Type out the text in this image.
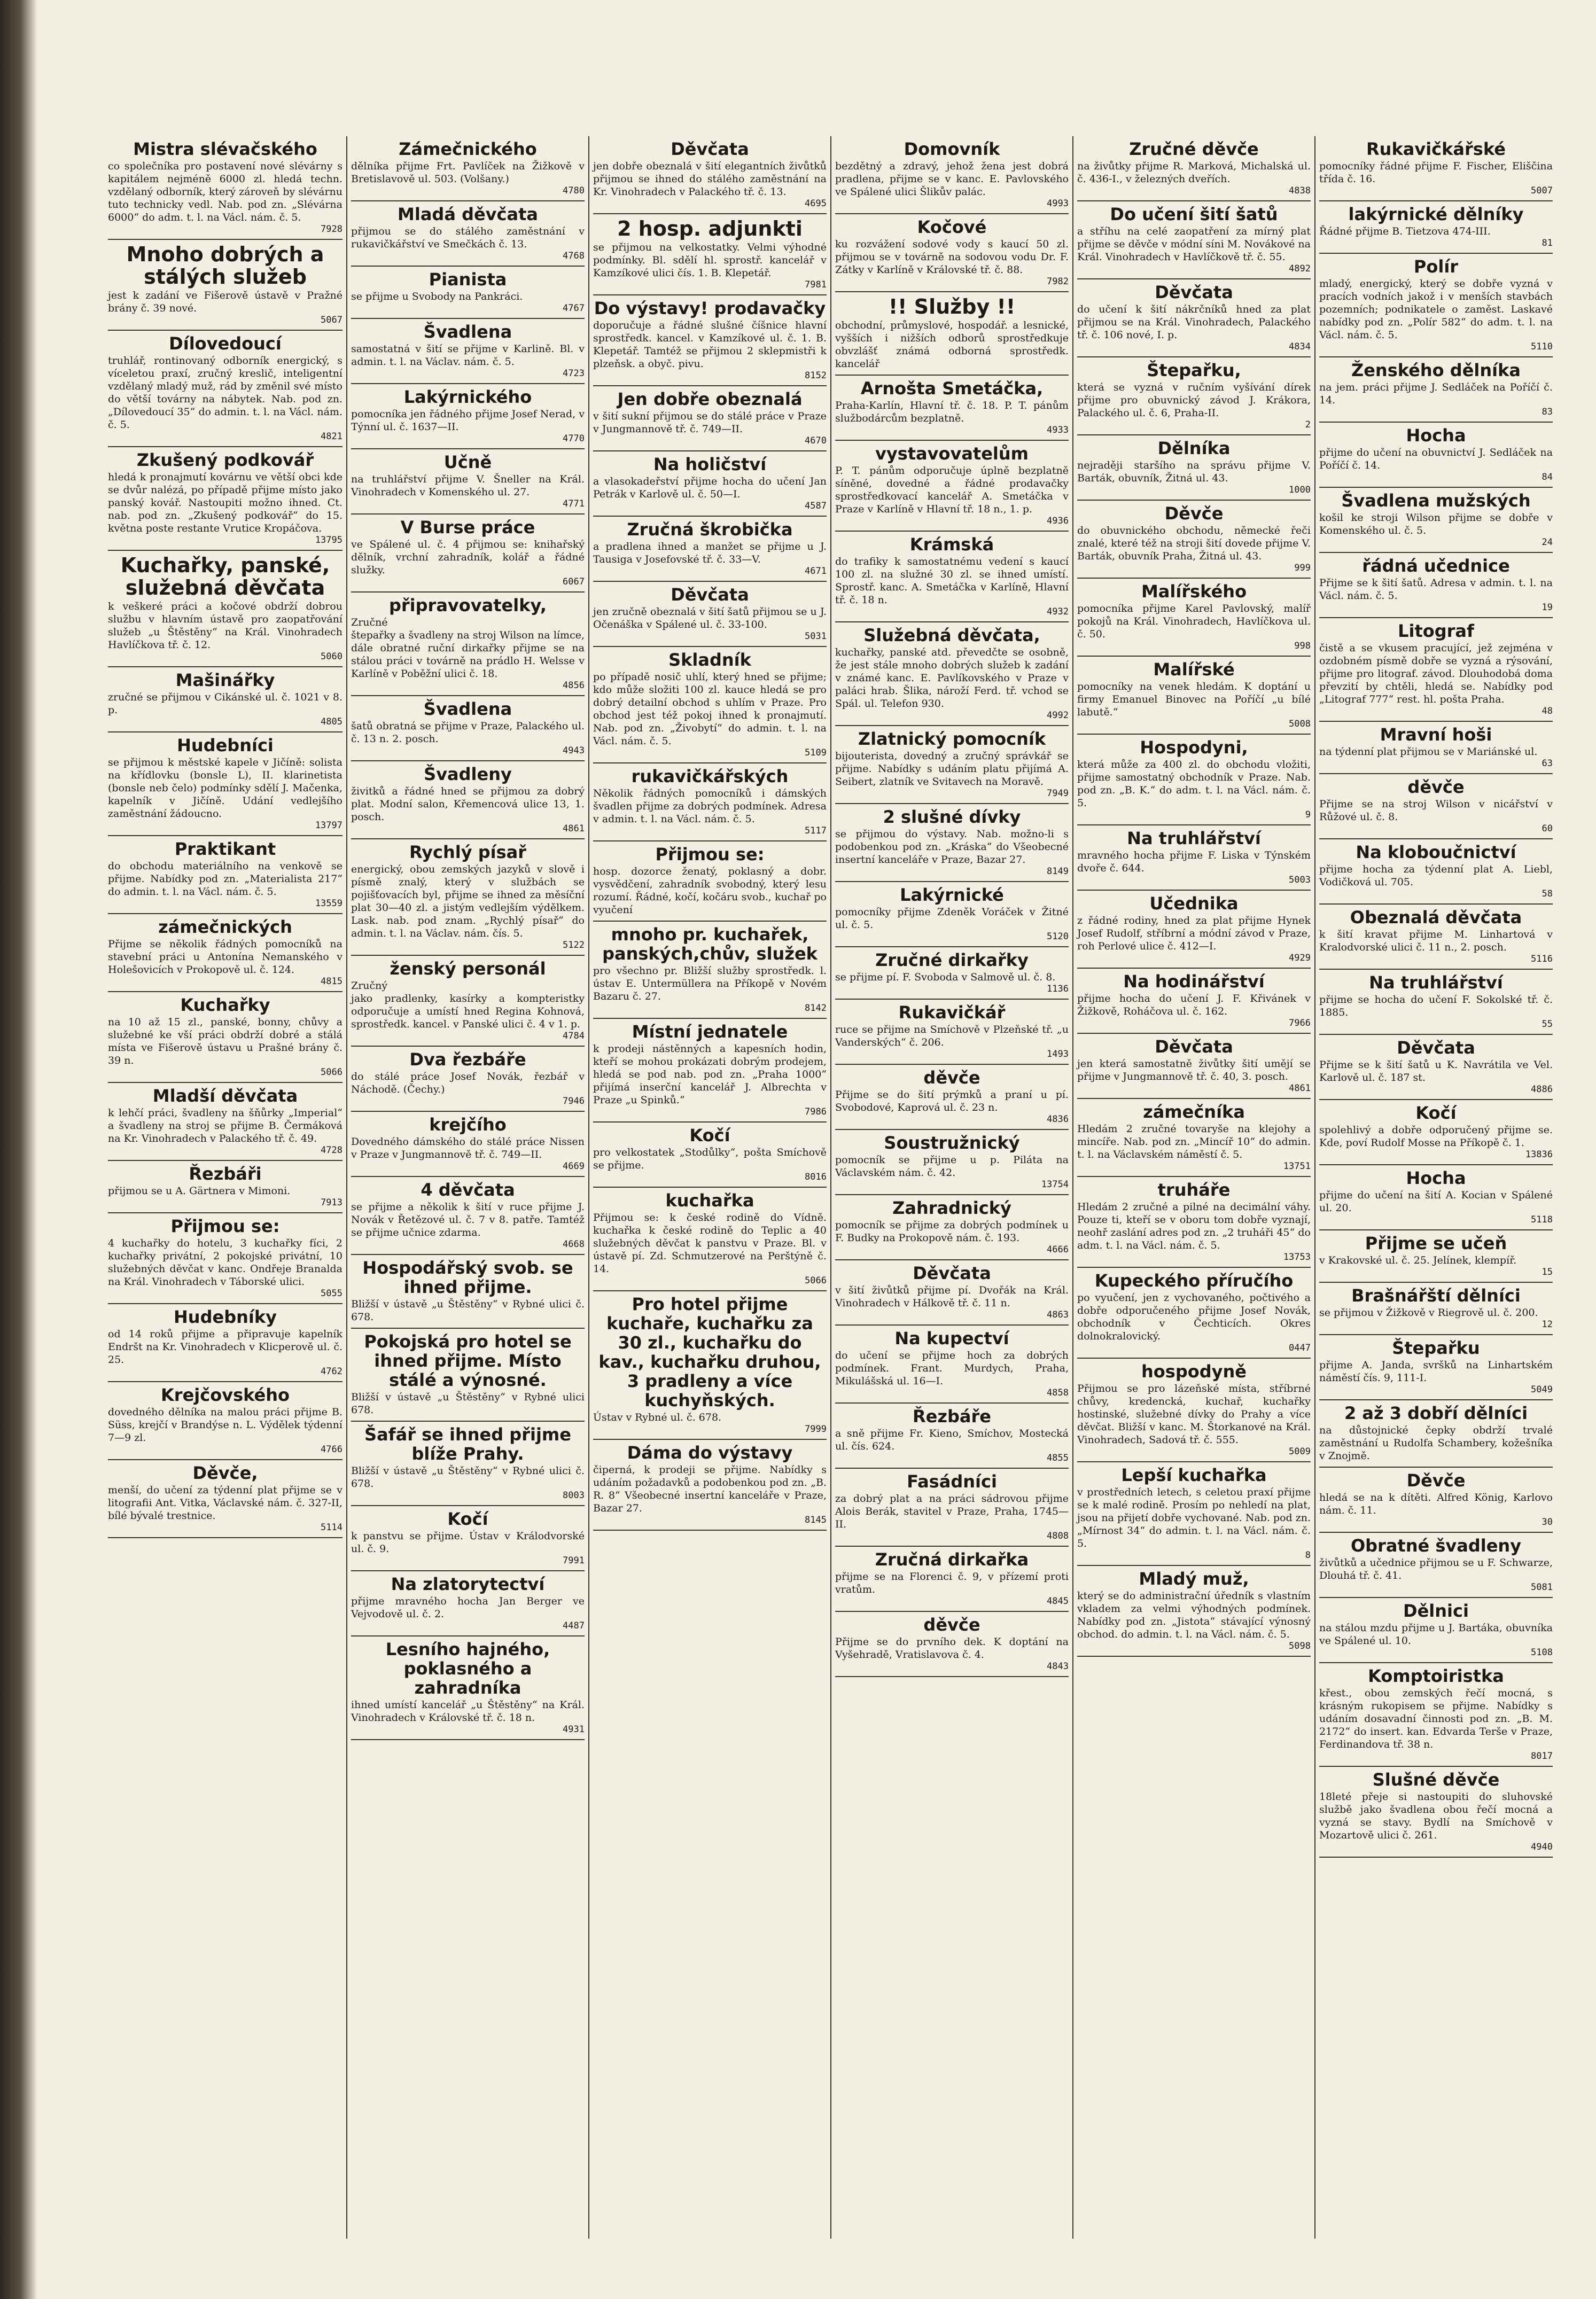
Mistra slévačského

co společníka pro postavení nové slévárny s kapitálem nejméně 6000 zl. hledá techn. vzdělaný odborník, který zároveň by slévárnu tuto technicky vedl. Nab. pod zn. „Slévárna 6000“ do adm. t. l. na Václ. nám. č. 5.

7928

Mnoho dobrých a stálých služeb

jest k zadání ve Fišerově ústavě v Pražné brány č. 39 nové.

5067

Dílovedoucí

truhlář, rontinovaný odborník energický, s víceletou praxí, zručný kreslič, inteligentní vzdělaný mladý muž, rád by změnil své místo do větší továrny na nábytek. Nab. pod zn. „Dílovedoucí 35“ do admin. t. l. na Václ. nám. č. 5.

4821

Zkušený podkovář

hledá k pronajmutí kovárnu ve větší obci kde se dvůr nalézá, po případě přijme místo jako panský kovář. Nastoupiti možno ihned. Ct. nab. pod zn. „Zkušený podkovář“ do 15. května poste restante Vrutice Kropáčova.

13795

Kuchařky, panské, služebná děvčata

k veškeré práci a kočové obdrží dobrou službu v hlavním ústavě pro zaopatřování služeb „u Štěstěny“ na Král. Vinohradech Havlíčkova tř. č. 12.

5060

Mašinářky

zručné se přijmou v Cikánské ul. č. 1021 v 8. p.

4805

Hudebníci

se přijmou k městské kapele v Jičíně: solista na křídlovku (bonsle L), II. klarinetista (bonsle neb čelo) podmínky sdělí J. Mačenka, kapelník v Jičíně. Udání vedlejšího zaměstnání žádoucno.

13797

Praktikant

do obchodu materiálního na venkově se přijme. Nabídky pod zn. „Materialista 217“ do admin. t. l. na Václ. nám. č. 5.

13559

zámečnických

Přijme se několik řádných pomocníků na stavební práci u Antonína Nemanského v Holešovicích v Prokopově ul. č. 124.

4815

Kuchařky

na 10 až 15 zl., panské, bonny, chůvy a služebné ke vší práci obdrží dobré a stálá místa ve Fišerově ústavu u Prašné brány č. 39 n.

5066

Mladší děvčata

k lehčí práci, švadleny na šňůrky „Imperial“ a švadleny na stroj se přijme B. Čermáková na Kr. Vinohradech v Palackého tř. č. 49.

4728

Řezbáři

přijmou se u A. Gärtnera v Mimoni.

7913

Přijmou se:

4 kuchařky do hotelu, 3 kuchařky fíci, 2 kuchařky privátní, 2 pokojské privátní, 10 služebných děvčat v kanc. Ondřeje Branalda na Král. Vinohradech v Táborské ulici.

5055

Hudebníky

od 14 roků přijme a připravuje kapelník Endršt na Kr. Vinohradech v Klicperově ul. č. 25.

4762

Krejčovského

dovedného dělníka na malou práci přijme B. Süss, krejčí v Brandýse n. L. Výdělek týdenní 7—9 zl.

4766

Děvče,

menší, do učení za týdenní plat přijme se v litografii Ant. Vitka, Václavské nám. č. 327-II, bílé bývalé trestnice.

5114

Zámečnického

dělníka přijme Frt. Pavlíček na Žižkově v Bretislavově ul. 503. (Volšany.)

4780

Mladá děvčata

přijmou se do stálého zaměstnání v rukavičkářství ve Smečkách č. 13.

4768

Pianista

se přijme u Svobody na Pankráci.

4767

Švadlena

samostatná v šití se přijme v Karlině. Bl. v admin. t. l. na Václav. nám. č. 5.

4723

Lakýrnického

pomocníka jen řádného přijme Josef Nerad, v Týnní ul. č. 1637—II.

4770

Učně

na truhlářství přijme V. Šneller na Král. Vinohradech v Komenského ul. 27.

4771

V Burse práce

ve Spálené ul. č. 4 přijmou se: knihařský dělník, vrchní zahradník, kolář a řádné služky.

6067

připravovatelky,

Zručné
štepařky a švadleny na stroj Wilson na límce, dále obratné ruční dirkařky přijme se na stálou práci v továrně na prádlo H. Welsse v Karlíně v Poběžní ulici č. 18.

4856

Švadlena

šatů obratná se přijme v Praze, Palackého ul. č. 13 n. 2. posch.

4943

Švadleny

živitků a řádné hned se přijmou za dobrý plat. Modní salon, Křemencová ulice 13, 1. posch.

4861

Rychlý písař

energický, obou zemských jazyků v slově i písmě znalý, který v službách se pojišťovacích byl, přijme se ihned za měsíční plat 30—40 zl. a jistým vedlejším výdělkem. Lask. nab. pod znam. „Rychlý písař“ do admin. t. l. na Václav. nám. čís. 5.

5122

ženský personál

Zručný
jako pradlenky, kasírky a kompteristky odporučuje a umístí hned Regina Kohnová, sprostředk. kancel. v Panské ulici č. 4 v 1. p.

4784

Dva řezbáře

do stálé práce Josef Novák, řezbář v Náchodě. (Čechy.)

7946

krejčího

Dovedného dámského do stálé práce Nissen v Praze v Jungmannově tř. č. 749—II.

4669

4 děvčata

se přijme a několik k šití v ruce přijme J. Novák v Řetězové ul. č. 7 v 8. patře. Tamtéž se přijme učnice zdarma.

4668

Hospodářský svob. se ihned přijme.

Bližší v ústavě „u Štěstěny“ v Rybné ulici č. 678.

Pokojská pro hotel se ihned přijme. Místo stálé a výnosné.

Bližší v ústavě „u Štěstěny“ v Rybné ulici 678.

Šafář se ihned přijme blíže Prahy.

Bližší v ústavě „u Štěstěny“ v Rybné ulici č. 678.

8003

Kočí

k panstvu se přijme. Ústav v Králodvorské ul. č. 9.

7991

Na zlatorytectví

přijme mravného hocha Jan Berger ve Vejvodově ul. č. 2.

4487

Lesního hajného, poklasného a zahradníka

ihned umístí kancelář „u Štěstěny“ na Král. Vinohradech v Královské tř. č. 18 n.

4931

Děvčata

jen dobře obeznalá v šití elegantních živůtků přijmou se ihned do stálého zaměstnání na Kr. Vinohradech v Palackého tř. č. 13.

4695

2 hosp. adjunkti

se přijmou na velkostatky. Velmi výhodné podmínky. Bl. sdělí hl. sprostř. kancelář v Kamzíkové ulici čís. 1. B. Klepetář.

7981

Do výstavy! prodavačky

doporučuje a řádné slušné číšnice hlavní sprostředk. kancel. v Kamzíkové ul. č. 1. B. Klepetář. Tamtéž se přijmou 2 sklepmistři k plzeňsk. a obyč. pivu.

8152

Jen dobře obeznalá

v šití sukní přijmou se do stálé práce v Praze v Jungmannově tř. č. 749—II.

4670

Na holičství

a vlasokadeřství přijme hocha do učení Jan Petrák v Karlově ul. č. 50—I.

4587

Zručná škrobička

a pradlena ihned a manžet se přijme u J. Tausiga v Josefovské tř. č. 33—V.

4671

Děvčata

jen zručně obeznalá v šití šatů přijmou se u J. Očenáška v Spálené ul. č. 33-100.

5031

Skladník

po případě nosič uhlí, který hned se přijme; kdo může složiti 100 zl. kauce hledá se pro dobrý detailní obchod s uhlím v Praze. Pro obchod jest též pokoj ihned k pronajmutí. Nab. pod zn. „Živobytí“ do admin. t. l. na Václ. nám. č. 5.

5109

rukavičkářských

Několik řádných pomocníků i dámských švadlen přijme za dobrých podmínek. Adresa v admin. t. l. na Václ. nám. č. 5.

5117

Přijmou se:

hosp. dozorce ženatý, poklasný a dobr. vysvědčení, zahradník svobodný, který lesu rozumí. Řádné, kočí, kočáru svob., kuchař po vyučení

mnoho pr. kuchařek, panských,chův, služek

pro všechno pr. Bližší služby sprostředk. l. ústav E. Untermüllera na Příkopě v Novém Bazaru č. 27.

8142

Místní jednatele

k prodeji nástěnných a kapesních hodin, kteří se mohou prokázati dobrým prodejem, hledá se pod nab. pod zn. „Praha 1000“ přijímá inserční kancelář J. Albrechta v Praze „u Spinků.“

7986

Kočí

pro velkostatek „Stodůlky“, pošta Smíchově se přijme.

8016

kuchařka

Přijmou se: k české rodině do Vídně. kuchařka k české rodině do Teplic a 40 služebných děvčat k panstvu v Praze. Bl. v ústavě pí. Zd. Schmutzerové na Perštýně č. 14.

5066

Pro hotel přijme kuchaře, kuchařku za 30 zl., kuchařku do kav., kuchařku druhou, 3 pradleny a více kuchyňských.

Ústav v Rybné ul. č. 678.

7999

Dáma do výstavy

čiperná, k prodeji se přijme. Nabídky s udáním požadavků a podobenkou pod zn. „B. R. 8“ Všeobecné insertní kanceláře v Praze, Bazar 27.

8145

Domovník

bezdětný a zdravý, jehož žena jest dobrá pradlena, přijme se v kanc. E. Pavlovského ve Spálené ulici Šlikův palác.

4993

Kočové

ku rozvážení sodové vody s kaucí 50 zl. přijmou se v továrně na sodovou vodu Dr. F. Zátky v Karlíně v Královské tř. č. 88.

7982

!! Služby !!

obchodní, průmyslové, hospodář. a lesnické, vyšších i nižších odborů sprostředkuje obvzlášť známá odborná sprostředk. kancelář

Arnošta Smetáčka,

Praha-Karlín, Hlavní tř. č. 18. P. T. pánům službodárcům bezplatně.

4933

vystavovatelům

P. T. pánům odporučuje úplně bezplatně síněné, dovedné a řádné prodavačky sprostředkovací kancelář A. Smetáčka v Praze v Karlíně v Hlavní tř. 18 n., 1. p.

4936

Krámská

do trafiky k samostatnému vedení s kaucí 100 zl. na služné 30 zl. se ihned umístí. Sprostř. kanc. A. Smetáčka v Karlíně, Hlavní tř. č. 18 n.

4932

Služebná děvčata,

kuchařky, panské atd. převedčte se osobně, že jest stále mnoho dobrých služeb k zadání v známé kanc. E. Pavlíkovského v Praze v paláci hrab. Šlika, nároží Ferd. tř. vchod se Spál. ul. Telefon 930.

4992

Zlatnický pomocník

bijouterista, dovedný a zručný správkář se přijme. Nabídky s udáním platu přijímá A. Seibert, zlatník ve Svitavech na Moravě.

7949

2 slušné dívky

se přijmou do výstavy. Nab. možno-li s podobenkou pod zn. „Kráska“ do Všeobecné insertní kanceláře v Praze, Bazar 27.

8149

Lakýrnické

pomocníky přijme Zdeněk Voráček v Žitné ul. č. 5.

5120

Zručné dirkařky

se přijme pí. F. Svoboda v Salmově ul. č. 8.

1136

Rukavičkář

ruce se přijme na Smíchově v Plzeňské tř. „u Vanderských“ č. 206.

1493

děvče

Přijme se do šití prýmků a praní u pí. Svobodové, Kaprová ul. č. 23 n.

4836

Soustružnický

pomocník se přijme u p. Piláta na Václavském nám. č. 42.

13754

Zahradnický

pomocník se přijme za dobrých podmínek u F. Budky na Prokopově nám. č. 193.

4666

Děvčata

v šití živůtků přijme pí. Dvořák na Král. Vinohradech v Hálkově tř. č. 11 n.

4863

Na kupectví

do učení se přijme hoch za dobrých podmínek. Frant. Murdych, Praha, Mikulášská ul. 16—I.

4858

Řezbáře

a sně přijme Fr. Kieno, Smíchov, Mostecká ul. čís. 624.

4855

Fasádníci

za dobrý plat a na práci sádrovou přijme Alois Berák, stavitel v Praze, Praha, 1745—II.

4808

Zručná dirkařka

přijme se na Florenci č. 9, v přízemí proti vratům.

4845

děvče

Přijme se do prvního dek. K doptání na Vyšehradě, Vratislavova č. 4.

4843

Zručné děvče

na živůtky přijme R. Marková, Michalská ul. č. 436-I., v železných dveřích.

4838

Do učení šití šatů

a stříhu na celé zaopatření za mírný plat přijme se děvče v módní síni M. Novákové na Král. Vinohradech v Havlíčkově tř. č. 55.

4892

Děvčata

do učení k šití nákrčníků hned za plat přijmou se na Král. Vinohradech, Palackého tř. č. 106 nové, I. p.

4834

Štepařku,

která se vyzná v ručním vyšívání dírek přijme pro obuvnický závod J. Krákora, Palackého ul. č. 6, Praha-II.

2

Dělníka

nejraději staršího na správu přijme V. Barták, obuvník, Žitná ul. 43.

1000

Děvče

do obuvnického obchodu, německé řeči znalé, které též na stroji šití dovede přijme V. Barták, obuvník Praha, Žitná ul. 43.

999

Malířského

pomocníka přijme Karel Pavlovský, malíř pokojů na Král. Vinohradech, Havlíčkova ul. č. 50.

998

Malířské

pomocníky na venek hledám. K doptání u firmy Emanuel Binovec na Poříčí „u bílé labutě.“

5008

Hospodyni,

která může za 400 zl. do obchodu vložiti, přijme samostatný obchodník v Praze. Nab. pod zn. „B. K.“ do adm. t. l. na Václ. nám. č. 5.

9

Na truhlářství

mravného hocha přijme F. Liska v Týnském dvoře č. 644.

5003

Učednika

z řádné rodiny, hned za plat přijme Hynek Josef Rudolf, stříbrní a módní závod v Praze, roh Perlové ulice č. 412—I.

4929

Na hodinářství

přijme hocha do učení J. F. Křivánek v Žižkově, Roháčova ul. č. 162.

7966

Děvčata

jen která samostatně živůtky šití umějí se přijme v Jungmannově tř. č. 40, 3. posch.

4861

zámečníka

Hledám 2 zručné tovaryše na klejohy a mincíře. Nab. pod zn. „Mincíř 10“ do admin. t. l. na Václavském náměstí č. 5.

13751

truháře

Hledám 2 zručné a pilné na decimální váhy. Pouze ti, kteří se v oboru tom dobře vyznají, neohř zaslání adres pod zn. „2 truháři 45“ do adm. t. l. na Václ. nám. č. 5.

13753

Kupeckého příručího

po vyučení, jen z vychovaného, počtivého a dobře odporučeného přijme Josef Novák, obchodník v Čechticích. Okres dolnokralovický.

0447

hospodyně

Přijmou se pro lázeňské místa, stříbrné chůvy, kredencká, kuchař, kuchařky hostinské, služebné dívky do Prahy a více děvčat. Bližší v kanc. M. Štorkanové na Král. Vinohradech, Sadová tř. č. 555.

5009

Lepší kuchařka

v prostředních letech, s celetou praxí přijme se k malé rodině. Prosím po nehledí na plat, jsou na přijetí dobře vychované. Nab. pod zn. „Mírnost 34“ do admin. t. l. na Václ. nám. č. 5.

8

Mladý muž,

který se do administrační úředník s vlastním vkladem za velmi výhodných podmínek. Nabídky pod zn. „Jistota“ stávající výnosný obchod. do admin. t. l. na Václ. nám. č. 5.

5098

Rukavičkářské

pomocníky řádné přijme F. Fischer, Eliščina třída č. 16.

5007

lakýrnické dělníky

Řádné přijme B. Tietzova 474-III.

81

Polír

mladý, energický, který se dobře vyzná v pracích vodních jakož i v menších stavbách pozemních; podnikatele o zaměst. Laskavé nabídky pod zn. „Polír 582“ do adm. t. l. na Václ. nám. č. 5.

5110

Ženského dělníka

na jem. práci přijme J. Sedláček na Poříčí č. 14.

83

Hocha

přijme do učení na obuvnictví J. Sedláček na Poříčí č. 14.

84

Švadlena mužských

košil ke stroji Wilson přijme se dobře v Komenského ul. č. 5.

24

řádná učednice

Přijme se k šití šatů. Adresa v admin. t. l. na Václ. nám. č. 5.

19

Litograf

čistě a se vkusem pracující, jež zejména v ozdobném písmě dobře se vyzná a rýsování, přijme pro litograf. závod. Dlouhodobá doma převzití by chtěli, hledá se. Nabídky pod „Litograf 777“ rest. hl. pošta Praha.

48

Mravní hoši

na týdenní plat přijmou se v Mariánské ul.

63

děvče

Přijme se na stroj Wilson v nicářství v Růžové ul. č. 8.

60

Na kloboučnictví

přijme hocha za týdenní plat A. Liebl, Vodičková ul. 705.

58

Obeznalá děvčata

k šití kravat přijme M. Linhartová v Kralodvorské ulici č. 11 n., 2. posch.

5116

Na truhlářství

přijme se hocha do učení F. Sokolské tř. č. 1885.

55

Děvčata

Přijme se k šití šatů u K. Navrátila ve Vel. Karlově ul. č. 187 st.

4886

Kočí

spolehlivý a dobře odporučený přijme se. Kde, poví Rudolf Mosse na Příkopě č. 1.

13836

Hocha

přijme do učení na šití A. Kocian v Spálené ul. 20.

5118

Přijme se učeň

v Krakovské ul. č. 25. Jelínek, klempíř.

15

Brašnářští dělníci

se přijmou v Žižkově v Riegrově ul. č. 200.

12

Štepařku

přijme A. Janda, svršků na Linhartském náměstí čís. 9, 111-I.

5049

2 až 3 dobří dělníci

na důstojnické čepky obdrží trvalé zaměstnání u Rudolfa Schambery, kožešníka v Znojmě.

Děvče

hledá se na k dítěti. Alfred König, Karlovo nám. č. 11.

30

Obratné švadleny

živůtků a učednice přijmou se u F. Schwarze, Dlouhá tř. č. 41.

5081

Dělnici

na stálou mzdu přijme u J. Bartáka, obuvníka ve Spálené ul. 10.

5108

Komptoiristka

křest., obou zemských řečí mocná, s krásným rukopisem se přijme. Nabídky s udáním dosavadní činnosti pod zn. „B. M. 2172“ do insert. kan. Edvarda Terše v Praze, Ferdinandova tř. 38 n.

8017

Slušné děvče

18leté přeje si nastoupiti do sluhovské službě jako švadlena obou řečí mocná a vyzná se stavy. Bydlí na Smíchově v Mozartově ulici č. 261.

4940
